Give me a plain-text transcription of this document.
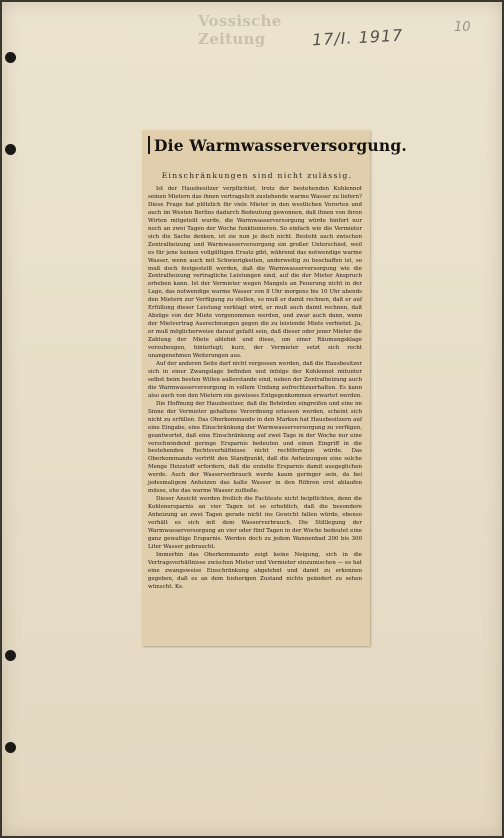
Vossische Zeitung	17/I. 1917	10
Die Warmwasserversorgung.
Einschränkungen sind nicht zulässig.

Ist der Hausbesitzer verpflichtet, trotz der bestehenden Kohlennot seinen Mietern das ihnen vertragslich zustehende warme Wasser zu liefern? Diese Frage hat plötzlich für viele Mieter in den westlichen Vororten und auch im Westen Berlins dadurch Bedeutung gewonnen, daß ihnen von ihren Wirten mitgeteilt wurde, die Warmwasserversorgung würde hinfort nur noch an zwei Tagen der Woche funktionieren. So einfach wie die Vermieter sich die Sache denken, ist sie nun je doch nicht. Besteht auch zwischen Zentralheizung und Warmwasserversorgung ein großer Unterschied, weil es für jene keinen vollgültigen Ersatz gibt, während das notwendige warme Wasser, wenn auch mit Schwierigkeiten, anderweitig zu beschaffen ist, so muß doch festgestellt werden, daß die Warmwasserversorgung wie die Zentralheizung vertragliche Leistungen sind, auf die der Mieter Anspruch erheben kann. Ist der Vermieter wegen Mangels an Feuerung nicht in der Lage, das notwendige warme Wasser von 8 Uhr morgens bis 10 Uhr abends den Mietern zur Verfügung zu stellen, so muß er damit rechnen, daß er auf Erfüllung dieser Leistung verklagt wird, er muß auch damit rechnen, daß Abzüge von der Miete vorgenommen werden, und zwar auch dann, wenn der Mietvertrag Ausrechnungen gegen die zu leistende Miete verbietet. Ja, er muß möglicherweise darauf gefaßt sein, daß dieser oder jener Mieter die Zahlung der Miete ablehnt und diese, um einer Räumungsklage vorzubeugen, hinterlegt; kurz, der Vermieter setzt sich recht unangenehmen Weiterungen aus.

Auf der anderen Seite darf nicht vergessen werden, daß die Hausbesitzer sich in einer Zwangslage befinden und infolge der Kohlennot mitunter selbst beim besten Willen außerstande sind, neben der Zentralheizung auch die Warmwasserversorgung in vollem Umfang aufrechtzuerhalten. Es kann also auch von den Mietern ein gewisses Entgegenkommen erwartet werden.

Die Hoffnung der Hausbesitzer, daß die Behörden eingreifen und eine im Sinne der Vermieter gehaltene Verordnung erlassen werden, scheint sich nicht zu erfüllen. Das Oberkommando in den Marken hat Hausbesitzern auf eine Eingabe, eine Einschränkung der Warmwasserversorgung zu verfügen, geantwortet, daß eine Einschränkung auf zwei Tage in der Woche nur eine verschwindend geringe Ersparnis bedeuten und einen Eingriff in die bestehenden Rechtsverhältnisse nicht rechtfertigen würde. Das Oberkommando vertritt den Standpunkt, daß die Anheizungen eine solche Menge Heizstoff erfordern, daß die erzielte Ersparnis damit ausgeglichen werde. Auch der Wasserverbrauch werde kaum geringer sein, da bei jedesmaligem Anheizen das kalte Wasser in den Röhren erst ablaufen müsse, ehe das warme Wasser zufließe.

Dieser Ansicht werden freilich die Fachleute nicht beipflichten, denn die Kohlenersparnis an vier Tagen ist so erheblich, daß die besondere Anheizung an zwei Tagen gerade nicht ins Gewicht fallen würde, ebenso verhält es sich mit dem Wasserverbrauch. Die Stilllegung der Warmwasserversorgung an vier oder fünf Tagen in der Woche bedeutet eine ganz gewaltige Ersparnis. Werden doch zu jedem Wannenbad 200 bis 300 Liter Wasser gebraucht.

Immerhin das Oberkommando zeigt keine Neigung, sich in die Vertragsverhältnisse zwischen Mieter und Vermieter einzumischen — es hat eine zwangsweise Einschränkung abgelehnt und damit zu erkennen gegeben, daß es an dem bisherigen Zustand nichts geändert zu sehen wünscht. Ks.
